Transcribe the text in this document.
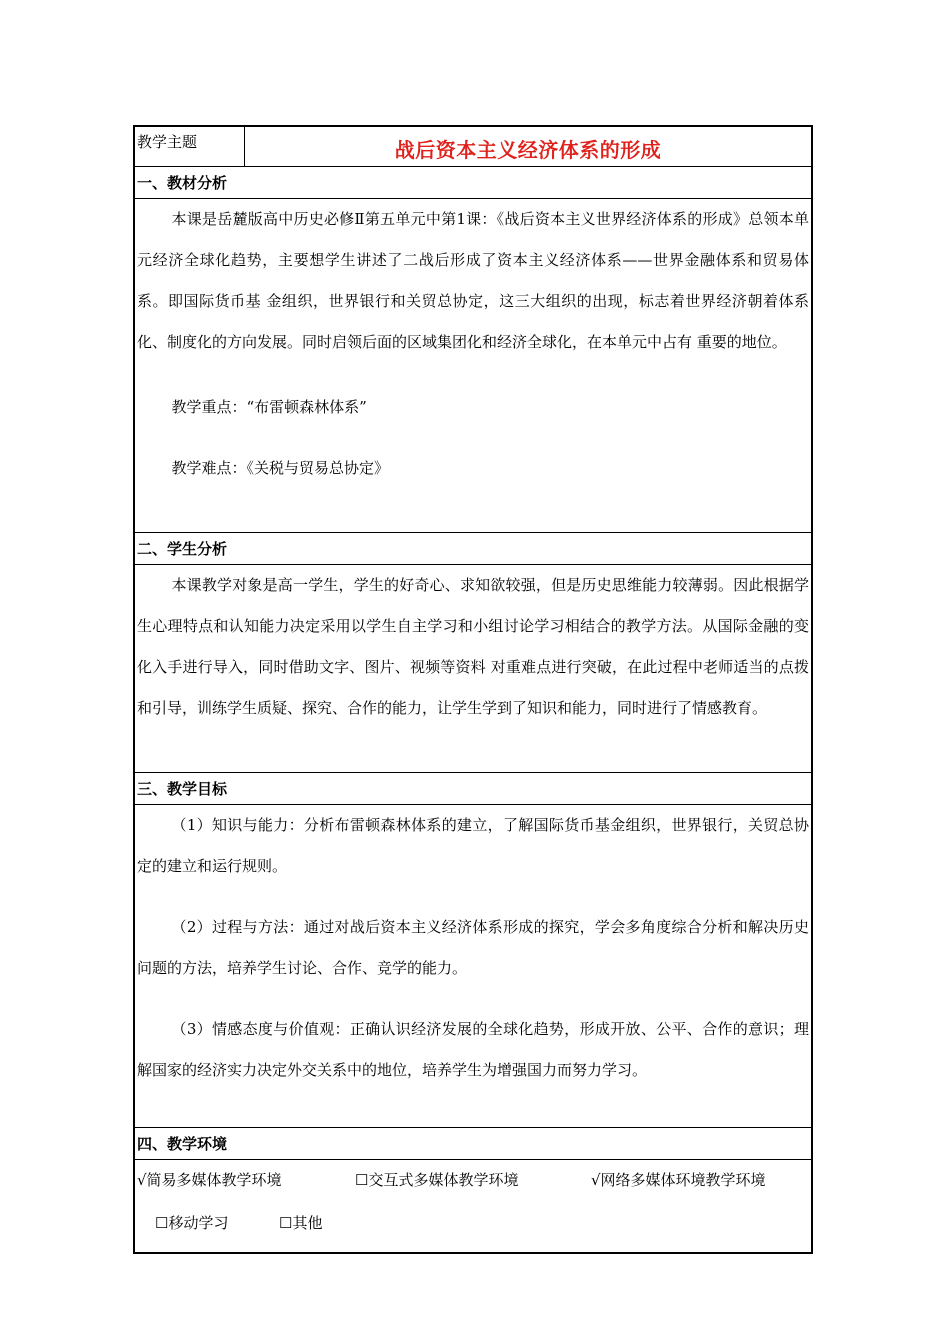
教学主题	战后资本主义经济体系的形成
一、教材分析

本课是岳麓版高中历史必修Ⅱ第五单元中第1课：《战后资本主义世界经济体系的形成》总领本单元经济全球化趋势，主要想学生讲述了二战后形成了资本主义经济体系——世界金融体系和贸易体系。即国际货币基 金组织，世界银行和关贸总协定，这三大组织的出现，标志着世界经济朝着体系化、制度化的方向发展。同时启领后面的区域集团化和经济全球化，在本单元中占有 重要的地位。

教学重点：“布雷顿森林体系”

教学难点：《关税与贸易总协定》

二、学生分析

本课教学对象是高一学生，学生的好奇心、求知欲较强，但是历史思维能力较薄弱。因此根据学生心理特点和认知能力决定采用以学生自主学习和小组讨论学习相结合的教学方法。从国际金融的变化入手进行导入，同时借助文字、图片、视频等资料 对重难点进行突破，在此过程中老师适当的点拨和引导，训练学生质疑、探究、合作的能力，让学生学到了知识和能力，同时进行了情感教育。

三、教学目标

（1）知识与能力：分析布雷顿森林体系的建立，了解国际货币基金组织，世界银行，关贸总协定的建立和运行规则。

（2）过程与方法：通过对战后资本主义经济体系形成的探究，学会多角度综合分析和解决历史问题的方法，培养学生讨论、合作、竞学的能力。

（3）情感态度与价值观：正确认识经济发展的全球化趋势，形成开放、公平、合作的意识；理解国家的经济实力决定外交关系中的地位，培养学生为增强国力而努力学习。

四、教学环境
√简易多媒体教学环境	☐交互式多媒体教学环境	√网络多媒体环境教学环境
☐移动学习	☐其他
